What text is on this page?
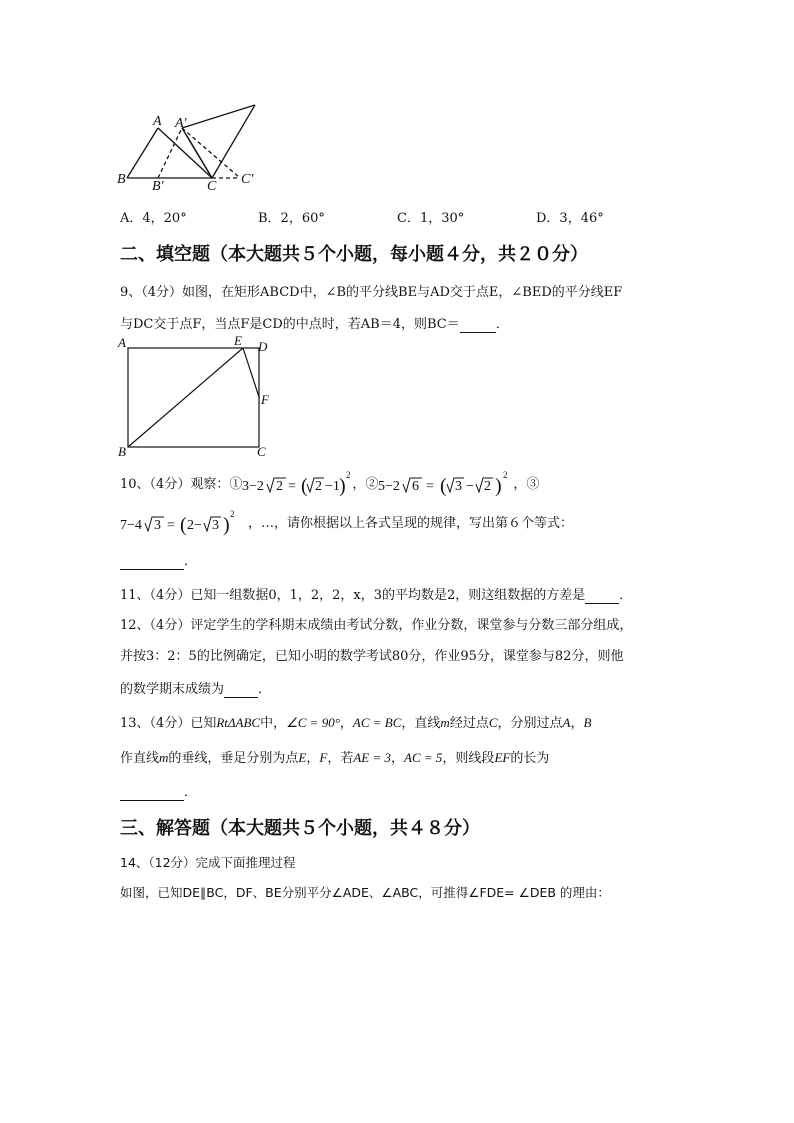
A A′
B B′	C C′
A．4，20°	B．2，60°	C．1，30°	D．3，46°
二、填空题（本大题共５个小题，每小题４分，共２０分）
9、（4分）如图，在矩形ABCD中，∠B的平分线BE与AD交于点E，∠BED的平分线EF
与DC交于点F，当点F是CD的中点时，若AB＝4，则BC＝	．
A	E D
F
B	C
10、（4分）观察：① 3−2 2 = ( 2 −1 ) 2
，② 5−2 6 = ( 3 − 2 ) 2
，③
7−4 3 = ( 2− 3 ) 2
，…，请你根据以上各式呈现的规律，写出第６个等式：
．
11、（4分）已知一组数据0，1，2，2，x，3的平均数是2，则这组数据的方差是	．
12、（4分）评定学生的学科期末成绩由考试分数，作业分数，课堂参与分数三部分组成，
并按3：2：5的比例确定，已知小明的数学考试80分，作业95分，课堂参与82分，则他
的数学期末成绩为	．
13、（4分）已知RtΔABC中，∠C = 90°，AC = BC，直线m经过点C，分别过点A，B
作直线m的垂线，垂足分别为点E，F，若AE = 3，AC = 5，则线段EF的长为
．
三、解答题（本大题共５个小题，共４８分）
14、（12分）完成下面推理过程
如图，已知DE∥BC，DF、BE分别平分∠ADE、∠ABC，可推得∠FDE= ∠DEB 的理由：
